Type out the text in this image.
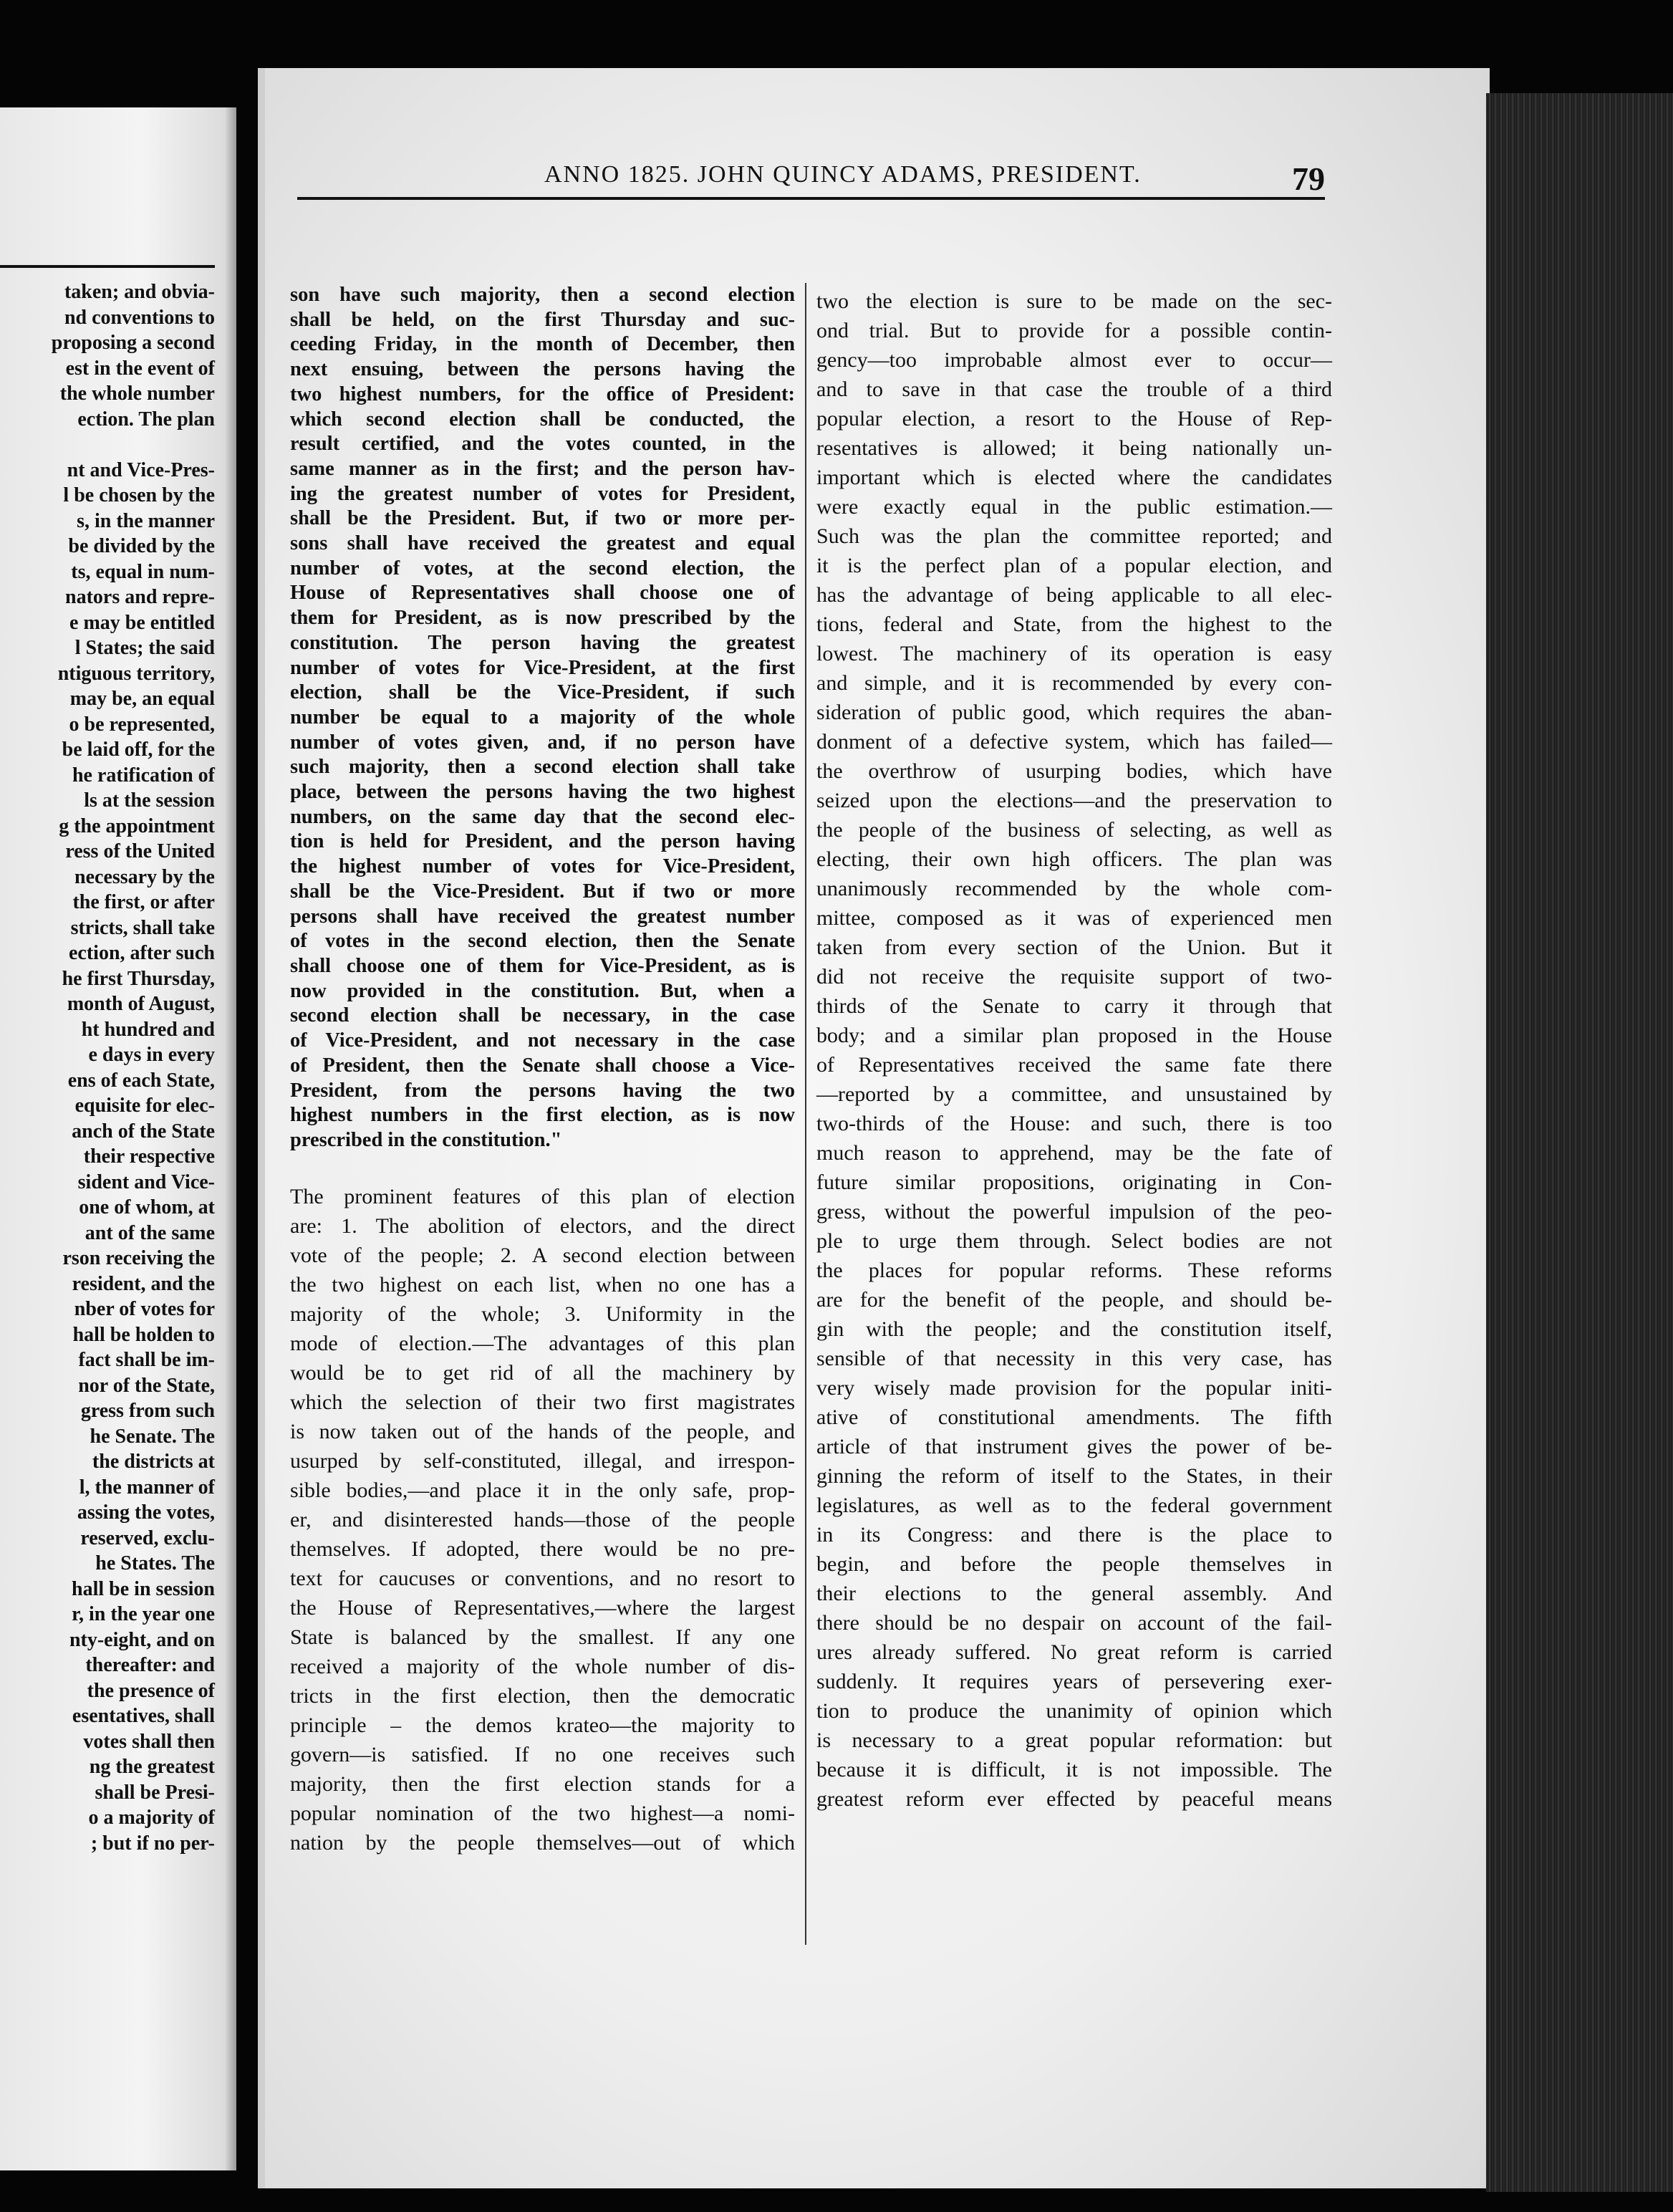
taken; and obvia-
nd conventions to
proposing a second
est in the event of
the whole number
ection. The plan

nt and Vice-Pres-
l be chosen by the
s, in the manner
be divided by the
ts, equal in num-
nators and repre-
e may be entitled
l States; the said
ntiguous territory,
may be, an equal
o be represented,
be laid off, for the
he ratification of
ls at the session
g the appointment
ress of the United
necessary by the
the first, or after
stricts, shall take
ection, after such
he first Thursday,
month of August,
ht hundred and
e days in every
ens of each State,
equisite for elec-
anch of the State
their respective
sident and Vice-
one of whom, at
ant of the same
rson receiving the
resident, and the
nber of votes for
hall be holden to
fact shall be im-
nor of the State,
gress from such
he Senate. The
the districts at
l, the manner of
assing the votes,
reserved, exclu-
he States. The
hall be in session
r, in the year one
nty-eight, and on
thereafter: and
the presence of
esentatives, shall
votes shall then
ng the greatest
shall be Presi-
o a majority of
; but if no per-
ANNO 1825. JOHN QUINCY ADAMS, PRESIDENT.	79
son have such majority, then a second election
shall be held, on the first Thursday and suc-
ceeding Friday, in the month of December, then
next ensuing, between the persons having the
two highest numbers, for the office of President:
which second election shall be conducted, the
result certified, and the votes counted, in the
same manner as in the first; and the person hav-
ing the greatest number of votes for President,
shall be the President. But, if two or more per-
sons shall have received the greatest and equal
number of votes, at the second election, the
House of Representatives shall choose one of
them for President, as is now prescribed by the
constitution. The person having the greatest
number of votes for Vice-President, at the first
election, shall be the Vice-President, if such
number be equal to a majority of the whole
number of votes given, and, if no person have
such majority, then a second election shall take
place, between the persons having the two highest
numbers, on the same day that the second elec-
tion is held for President, and the person having
the highest number of votes for Vice-President,
shall be the Vice-President. But if two or more
persons shall have received the greatest number
of votes in the second election, then the Senate
shall choose one of them for Vice-President, as is
now provided in the constitution. But, when a
second election shall be necessary, in the case
of Vice-President, and not necessary in the case
of President, then the Senate shall choose a Vice-
President, from the persons having the two
highest numbers in the first election, as is now
prescribed in the constitution."
The prominent features of this plan of election
are: 1. The abolition of electors, and the direct
vote of the people; 2. A second election between
the two highest on each list, when no one has a
majority of the whole; 3. Uniformity in the
mode of election.—The advantages of this plan
would be to get rid of all the machinery by
which the selection of their two first magistrates
is now taken out of the hands of the people, and
usurped by self-constituted, illegal, and irrespon-
sible bodies,—and place it in the only safe, prop-
er, and disinterested hands—those of the people
themselves. If adopted, there would be no pre-
text for caucuses or conventions, and no resort to
the House of Representatives,—where the largest
State is balanced by the smallest. If any one
received a majority of the whole number of dis-
tricts in the first election, then the democratic
principle – the demos krateo—the majority to
govern—is satisfied. If no one receives such
majority, then the first election stands for a
popular nomination of the two highest—a nomi-
nation by the people themselves—out of which
two the election is sure to be made on the sec-
ond trial. But to provide for a possible contin-
gency—too improbable almost ever to occur—
and to save in that case the trouble of a third
popular election, a resort to the House of Rep-
resentatives is allowed; it being nationally un-
important which is elected where the candidates
were exactly equal in the public estimation.—
Such was the plan the committee reported; and
it is the perfect plan of a popular election, and
has the advantage of being applicable to all elec-
tions, federal and State, from the highest to the
lowest. The machinery of its operation is easy
and simple, and it is recommended by every con-
sideration of public good, which requires the aban-
donment of a defective system, which has failed—
the overthrow of usurping bodies, which have
seized upon the elections—and the preservation to
the people of the business of selecting, as well as
electing, their own high officers. The plan was
unanimously recommended by the whole com-
mittee, composed as it was of experienced men
taken from every section of the Union. But it
did not receive the requisite support of two-
thirds of the Senate to carry it through that
body; and a similar plan proposed in the House
of Representatives received the same fate there
—reported by a committee, and unsustained by
two-thirds of the House: and such, there is too
much reason to apprehend, may be the fate of
future similar propositions, originating in Con-
gress, without the powerful impulsion of the peo-
ple to urge them through. Select bodies are not
the places for popular reforms. These reforms
are for the benefit of the people, and should be-
gin with the people; and the constitution itself,
sensible of that necessity in this very case, has
very wisely made provision for the popular initi-
ative of constitutional amendments. The fifth
article of that instrument gives the power of be-
ginning the reform of itself to the States, in their
legislatures, as well as to the federal government
in its Congress: and there is the place to
begin, and before the people themselves in
their elections to the general assembly. And
there should be no despair on account of the fail-
ures already suffered. No great reform is carried
suddenly. It requires years of persevering exer-
tion to produce the unanimity of opinion which
is necessary to a great popular reformation: but
because it is difficult, it is not impossible. The
greatest reform ever effected by peaceful means
